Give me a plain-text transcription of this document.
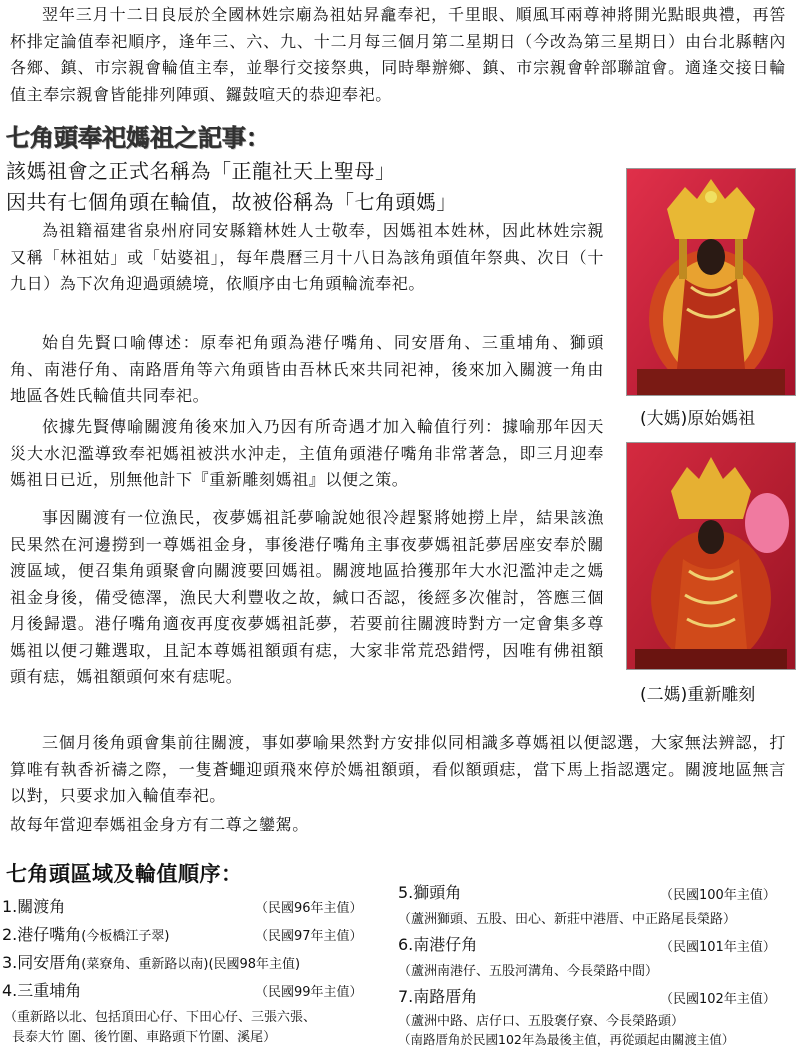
翌年三月十二日良辰於全國林姓宗廟為祖姑昇龕奉祀，千里眼、順風耳兩尊神將開光點眼典禮，再筶杯排定論值奉祀順序，逢年三、六、九、十二月每三個月第二星期日（今改為第三星期日）由台北縣轄內各鄉、鎮、市宗親會輪值主奉，並舉行交接祭典，同時舉辦鄉、鎮、市宗親會幹部聯誼會。適逢交接日輪值主奉宗親會皆能排列陣頭、鑼鼓喧天的恭迎奉祀。

七角頭奉祀媽祖之記事：

該媽祖會之正式名稱為「正龍社天上聖母」

因共有七個角頭在輪值，故被俗稱為「七角頭媽」

為祖籍福建省泉州府同安縣籍林姓人士敬奉，因媽祖本姓林，因此林姓宗親又稱「林祖姑」或「姑婆祖」，每年農曆三月十八日為該角頭值年祭典、次日（十九日）為下次角迎過頭繞境，依順序由七角頭輪流奉祀。

始自先賢口喻傳述：原奉祀角頭為港仔嘴角、同安厝角、三重埔角、獅頭角、南港仔角、南路厝角等六角頭皆由吾林氏來共同祀神，後來加入關渡一角由地區各姓氏輪值共同奉祀。

依據先賢傳喻關渡角後來加入乃因有所奇遇才加入輪值行列：據喻那年因天災大水氾濫導致奉祀媽祖被洪水沖走，主值角頭港仔嘴角非常著急，即三月迎奉媽祖日已近，別無他計下『重新雕刻媽祖』以便之策。

事因關渡有一位漁民，夜夢媽祖託夢喻說她很冷趕緊將她撈上岸，結果該漁民果然在河邊撈到一尊媽祖金身，事後港仔嘴角主事夜夢媽祖託夢居座安奉於關渡區域，便召集角頭聚會向關渡要回媽祖。關渡地區拾獲那年大水氾濫沖走之媽祖金身後，備受德澤，漁民大利豐收之故，緘口否認，後經多次催討，答應三個月後歸還。港仔嘴角適夜再度夜夢媽祖託夢，若要前往關渡時對方一定會集多尊媽祖以便刁難選取，且記本尊媽祖額頭有痣，大家非常荒恐錯愕，因唯有佛祖額頭有痣，媽祖額頭何來有痣呢。

三個月後角頭會集前往關渡，事如夢喻果然對方安排似同相識多尊媽祖以便認選，大家無法辨認，打算唯有執香祈禱之際，一隻蒼蠅迎頭飛來停於媽祖額頭，看似額頭痣，當下馬上指認選定。關渡地區無言以對，只要求加入輪值奉祀。

故每年當迎奉媽祖金身方有二尊之鑾駕。

(大媽)原始媽祖

(二媽)重新雕刻

七角頭區域及輪值順序：
1.關渡角	（民國96年主值）
2.港仔嘴角(今板橋江子翠)	（民國97年主值）
3.同安厝角(菜寮角、重新路以南)(民國98年主值)
4.三重埔角	（民國99年主值）
（重新路以北、包括頂田心仔、下田心仔、三張六張、
長泰大竹 圍、後竹圍、車路頭下竹圍、溪尾）
5.獅頭角	（民國100年主值）
（蘆洲獅頭、五股、田心、新莊中港厝、中正路尾長榮路）
6.南港仔角	（民國101年主值）
（蘆洲南港仔、五股河溝角、今長榮路中間）
7.南路厝角	（民國102年主值）
（蘆洲中路、店仔口、五股褒仔寮、今長榮路頭）
（南路厝角於民國102年為最後主值，再從頭起由關渡主值）
